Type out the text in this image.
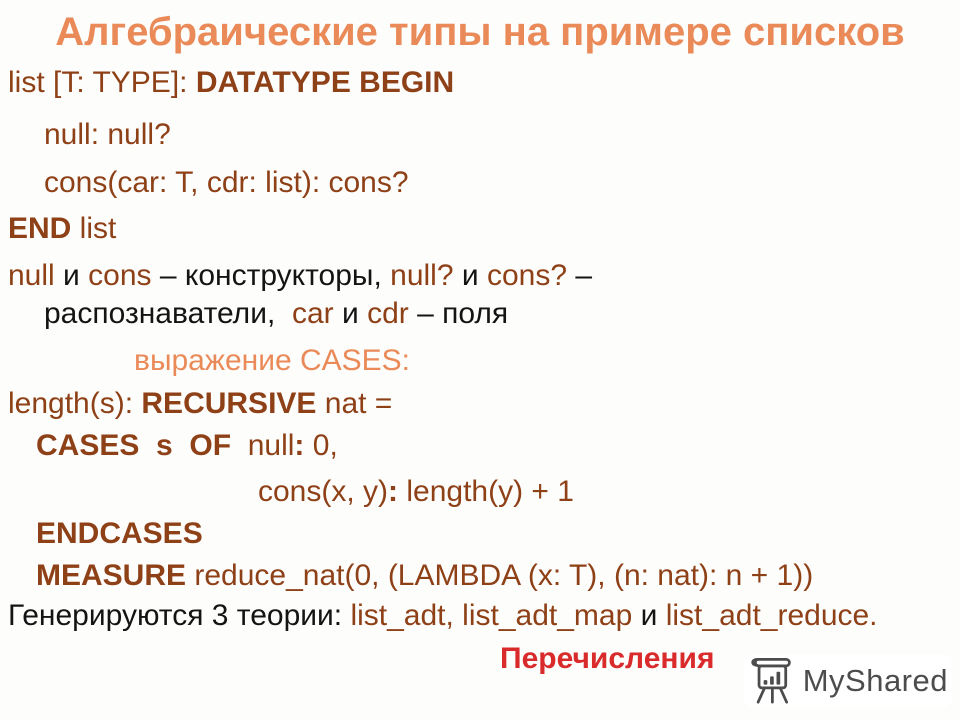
Алгебраические типы на примере списков
list [T: TYPE]: DATATYPE BEGIN
null: null?
cons(car: T, cdr: list): cons?
END list
null и cons – конструкторы, null? и cons? –
распознаватели,  car и cdr – поля
выражение CASES:
length(s): RECURSIVE nat =
CASES  s  OF  null: 0,
cons(x, y): length(y) + 1
ENDCASES
MEASURE reduce_nat(0, (LAMBDA (x: T), (n: nat): n + 1))
Генерируются 3 теории: list_adt, list_adt_map и list_adt_reduce.
Перечисления
MyShared
